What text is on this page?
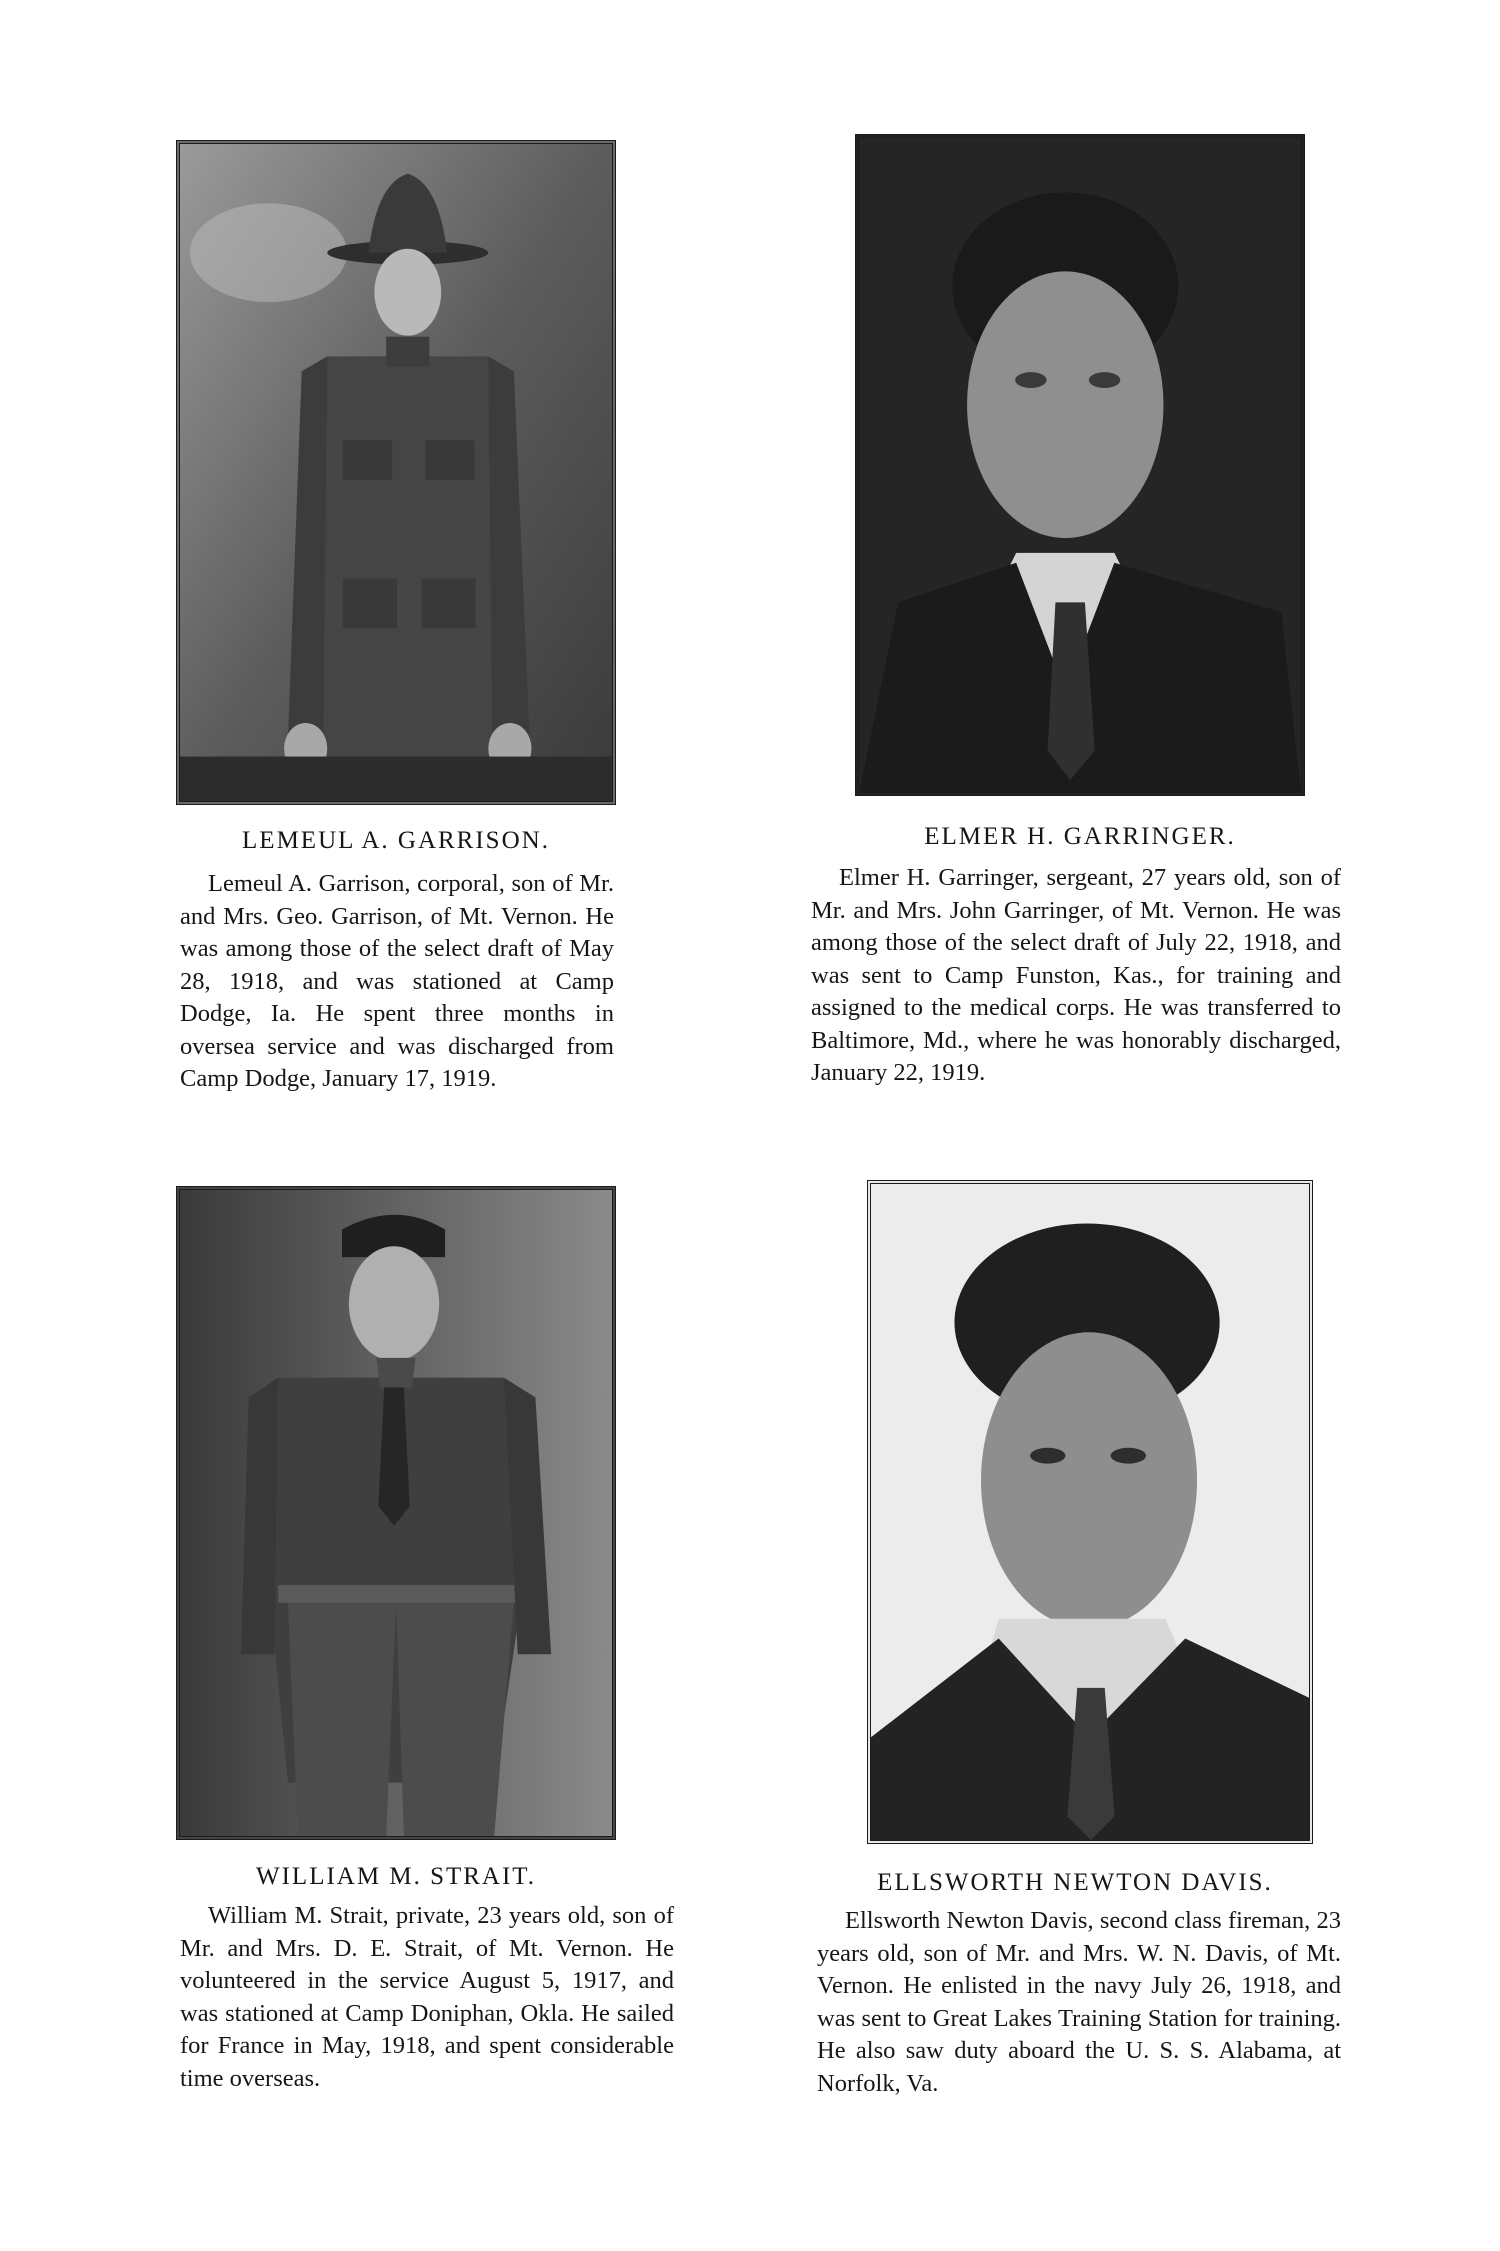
LEMEUL A. GARRISON.

Lemeul A. Garrison, corporal, son of Mr. and Mrs. Geo. Garrison, of Mt. Vernon. He was among those of the select draft of May 28, 1918, and was stationed at Camp Dodge, Ia. He spent three months in oversea service and was discharged from Camp Dodge, January 17, 1919.

ELMER H. GARRINGER.

Elmer H. Garringer, sergeant, 27 years old, son of Mr. and Mrs. John Garringer, of Mt. Vernon. He was among those of the select draft of July 22, 1918, and was sent to Camp Funston, Kas., for training and assigned to the medical corps. He was transferred to Baltimore, Md., where he was honorably discharged, January 22, 1919.

WILLIAM M. STRAIT.

William M. Strait, private, 23 years old, son of Mr. and Mrs. D. E. Strait, of Mt. Vernon. He volunteered in the service August 5, 1917, and was stationed at Camp Doniphan, Okla. He sailed for France in May, 1918, and spent considerable time overseas.

ELLSWORTH NEWTON DAVIS.

Ellsworth Newton Davis, second class fireman, 23 years old, son of Mr. and Mrs. W. N. Davis, of Mt. Vernon. He enlisted in the navy July 26, 1918, and was sent to Great Lakes Training Station for training. He also saw duty aboard the U. S. S. Alabama, at Norfolk, Va.
